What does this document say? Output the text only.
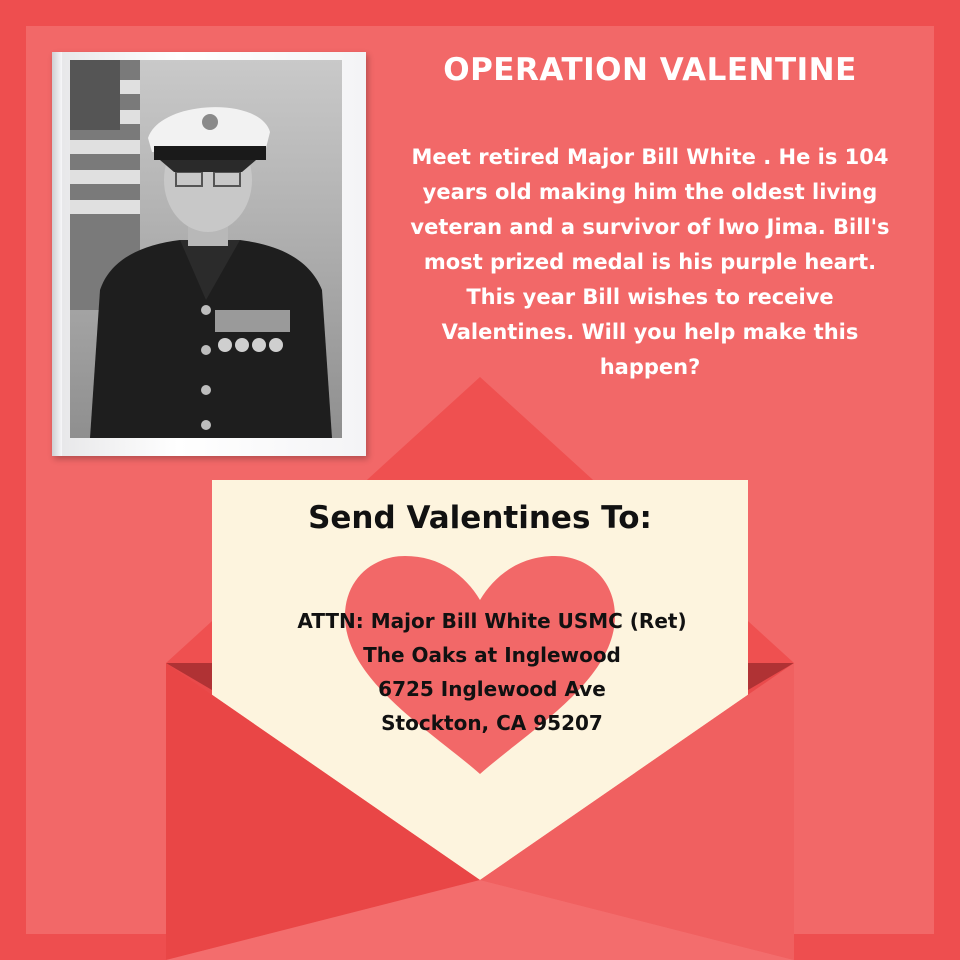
Send Valentines To:
ATTN: Major Bill White USMC (Ret)
The Oaks at Inglewood
6725 Inglewood Ave
Stockton, CA 95207
OPERATION VALENTINE
Meet retired Major Bill White . He is 104
years old making him the oldest living
veteran and a survivor of Iwo Jima. Bill's
most prized medal is his purple heart.
This year Bill wishes to receive
Valentines. Will you help make this
happen?
